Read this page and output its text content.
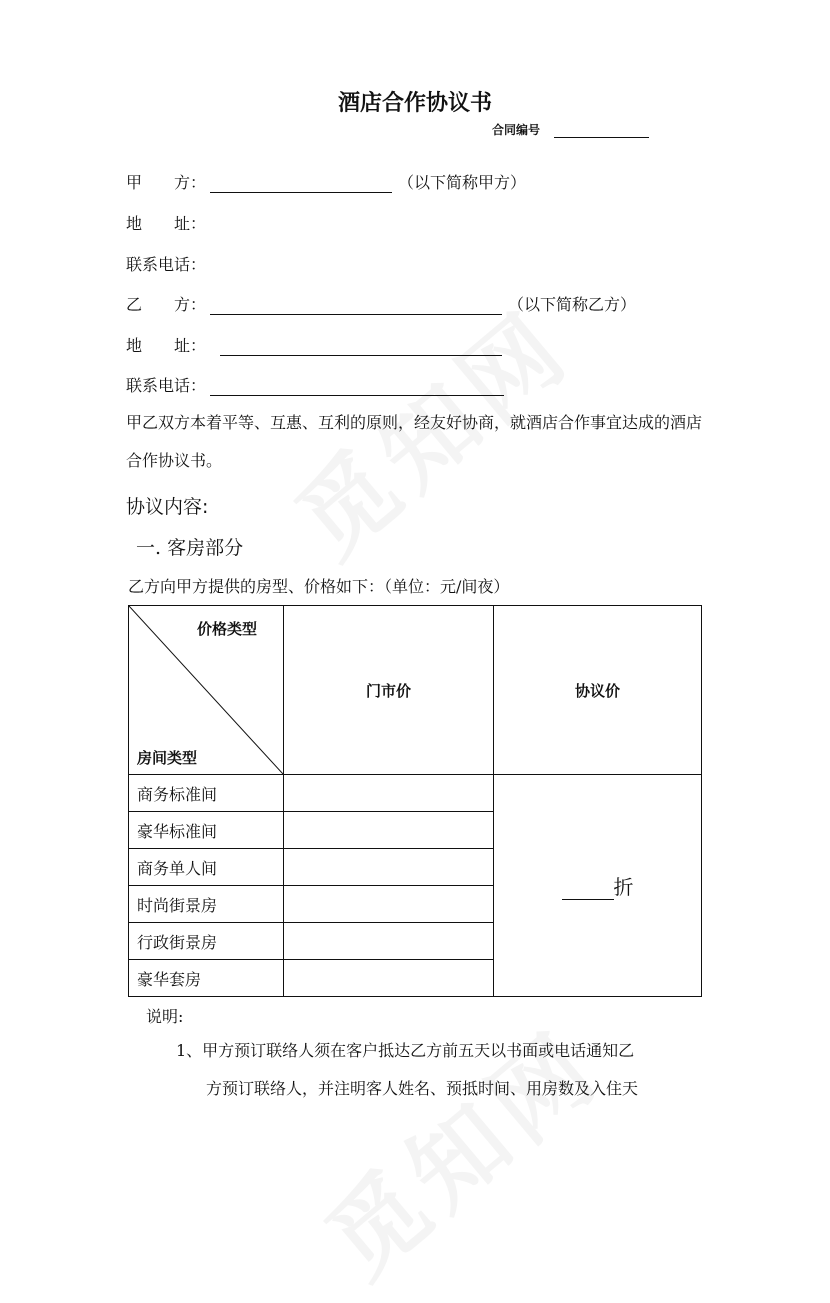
酒店合作协议书
合同编号
甲　　方：	（以下简称甲方）
地　　址：
联系电话：
乙　　方：	（以下简称乙方）
地　　址：
联系电话：
甲乙双方本着平等、互惠、互利的原则，经友好协商，就酒店合作事宜达成的酒店合作协议书。
协议内容:
一. 客房部分
乙方向甲方提供的房型、价格如下：（单位：元/间夜）
价格类型
房间类型	门市价	协议价
商务标准间		折
豪华标准间		
商务单人间		
时尚街景房		
行政街景房		
豪华套房		
说明:
1、甲方预订联络人须在客户抵达乙方前五天以书面或电话通知乙
方预订联络人，并注明客人姓名、预抵时间、用房数及入住天
